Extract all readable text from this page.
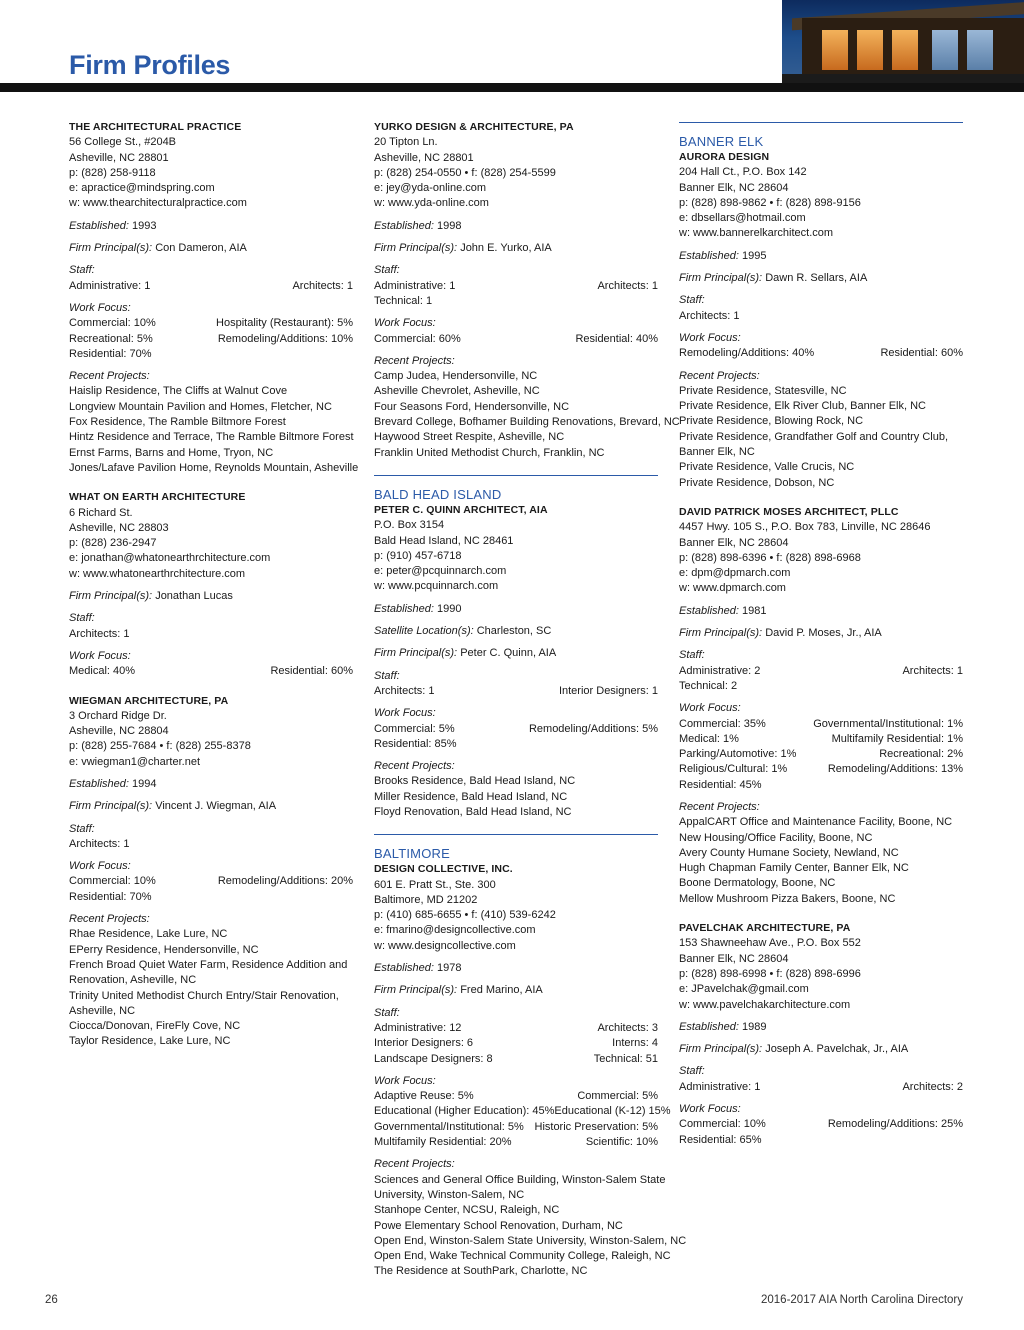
Firm Profiles
THE ARCHITECTURAL PRACTICE
56 College St., #204B
Asheville, NC 28801
p: (828) 258-9118
e: apractice@mindspring.com
w: www.thearchitecturalpractice.com
Established: 1993
Firm Principal(s): Con Dameron, AIA
Staff:
Administrative: 1	Architects: 1
Work Focus:
Commercial: 10%	Hospitality (Restaurant): 5%
Recreational: 5%	Remodeling/Additions: 10%
Residential: 70%
Recent Projects:
Haislip Residence, The Cliffs at Walnut Cove
Longview Mountain Pavilion and Homes, Fletcher, NC
Fox Residence, The Ramble Biltmore Forest
Hintz Residence and Terrace, The Ramble Biltmore Forest
Ernst Farms, Barns and Home, Tryon, NC
Jones/Lafave Pavilion Home, Reynolds Mountain, Asheville
WHAT ON EARTH ARCHITECTURE
6 Richard St.
Asheville, NC 28803
p: (828) 236-2947
e: jonathan@whatonearthrchitecture.com
w: www.whatonearthrchitecture.com
Firm Principal(s): Jonathan Lucas
Staff:
Architects: 1
Work Focus:
Medical: 40%	Residential: 60%
WIEGMAN ARCHITECTURE, PA
3 Orchard Ridge Dr.
Asheville, NC 28804
p: (828) 255-7684 • f: (828) 255-8378
e: vwiegman1@charter.net
Established: 1994
Firm Principal(s): Vincent J. Wiegman, AIA
Staff:
Architects: 1
Work Focus:
Commercial: 10%	Remodeling/Additions: 20%
Residential: 70%
Recent Projects:
Rhae Residence, Lake Lure, NC
EPerry Residence, Hendersonville, NC
French Broad Quiet Water Farm, Residence Addition and
Renovation, Asheville, NC
Trinity United Methodist Church Entry/Stair Renovation,
Asheville, NC
Ciocca/Donovan, FireFly Cove, NC
Taylor Residence, Lake Lure, NC
YURKO DESIGN & ARCHITECTURE, PA
20 Tipton Ln.
Asheville, NC 28801
p: (828) 254-0550 • f: (828) 254-5599
e: jey@yda-online.com
w: www.yda-online.com
Established: 1998
Firm Principal(s): John E. Yurko, AIA
Staff:
Administrative: 1	Architects: 1
Technical: 1
Work Focus:
Commercial: 60%	Residential: 40%
Recent Projects:
Camp Judea, Hendersonville, NC
Asheville Chevrolet, Asheville, NC
Four Seasons Ford, Hendersonville, NC
Brevard College, Bofhamer Building Renovations, Brevard, NC
Haywood Street Respite, Asheville, NC
Franklin United Methodist Church, Franklin, NC
BALD HEAD ISLAND
PETER C. QUINN ARCHITECT, AIA
P.O. Box 3154
Bald Head Island, NC 28461
p: (910) 457-6718
e: peter@pcquinnarch.com
w: www.pcquinnarch.com
Established: 1990
Satellite Location(s): Charleston, SC
Firm Principal(s): Peter C. Quinn, AIA
Staff:
Architects: 1	Interior Designers: 1
Work Focus:
Commercial: 5%	Remodeling/Additions: 5%
Residential: 85%
Recent Projects:
Brooks Residence, Bald Head Island, NC
Miller Residence, Bald Head Island, NC
Floyd Renovation, Bald Head Island, NC
BALTIMORE
DESIGN COLLECTIVE, INC.
601 E. Pratt St., Ste. 300
Baltimore, MD 21202
p: (410) 685-6655 • f: (410) 539-6242
e: fmarino@designcollective.com
w: www.designcollective.com
Established: 1978
Firm Principal(s): Fred Marino, AIA
Staff:
Administrative: 12	Architects: 3
Interior Designers: 6	Interns: 4
Landscape Designers: 8	Technical: 51
Work Focus:
Adaptive Reuse: 5%	Commercial: 5%
Educational (Higher Education): 45% Educational (K-12) 15%
Governmental/Institutional: 5% Historic Preservation: 5%
Multifamily Residential: 20%	Scientific: 10%
Recent Projects:
Sciences and General Office Building, Winston-Salem State
University, Winston-Salem, NC
Stanhope Center, NCSU, Raleigh, NC
Powe Elementary School Renovation, Durham, NC
Open End, Winston-Salem State University, Winston-Salem, NC
Open End, Wake Technical Community College, Raleigh, NC
The Residence at SouthPark, Charlotte, NC
BANNER ELK
AURORA DESIGN
204 Hall Ct., P.O. Box 142
Banner Elk, NC 28604
p: (828) 898-9862 • f: (828) 898-9156
e: dbsellars@hotmail.com
w: www.bannerelkarchitect.com
Established: 1995
Firm Principal(s): Dawn R. Sellars, AIA
Staff:
Architects: 1
Work Focus:
Remodeling/Additions: 40%	Residential: 60%
Recent Projects:
Private Residence, Statesville, NC
Private Residence, Elk River Club, Banner Elk, NC
Private Residence, Blowing Rock, NC
Private Residence, Grandfather Golf and Country Club,
Banner Elk, NC
Private Residence, Valle Crucis, NC
Private Residence, Dobson, NC
DAVID PATRICK MOSES ARCHITECT, PLLC
4457 Hwy. 105 S., P.O. Box 783, Linville, NC 28646
Banner Elk, NC 28604
p: (828) 898-6396 • f: (828) 898-6968
e: dpm@dpmarch.com
w: www.dpmarch.com
Established: 1981
Firm Principal(s): David P. Moses, Jr., AIA
Staff:
Administrative: 2	Architects: 1
Technical: 2
Work Focus:
Commercial: 35%	Governmental/Institutional: 1%
Medical: 1%	Multifamily Residential: 1%
Parking/Automotive: 1%	Recreational: 2%
Religious/Cultural: 1%	Remodeling/Additions: 13%
Residential: 45%
Recent Projects:
AppalCART Office and Maintenance Facility, Boone, NC
New Housing/Office Facility, Boone, NC
Avery County Humane Society, Newland, NC
Hugh Chapman Family Center, Banner Elk, NC
Boone Dermatology, Boone, NC
Mellow Mushroom Pizza Bakers, Boone, NC
PAVELCHAK ARCHITECTURE, PA
153 Shawneehaw Ave., P.O. Box 552
Banner Elk, NC 28604
p: (828) 898-6998 • f: (828) 898-6996
e: JPavelchak@gmail.com
w: www.pavelchakarchitecture.com
Established: 1989
Firm Principal(s): Joseph A. Pavelchak, Jr., AIA
Staff:
Administrative: 1	Architects: 2
Work Focus:
Commercial: 10%	Remodeling/Additions: 25%
Residential: 65%
26	2016-2017 AIA North Carolina Directory
